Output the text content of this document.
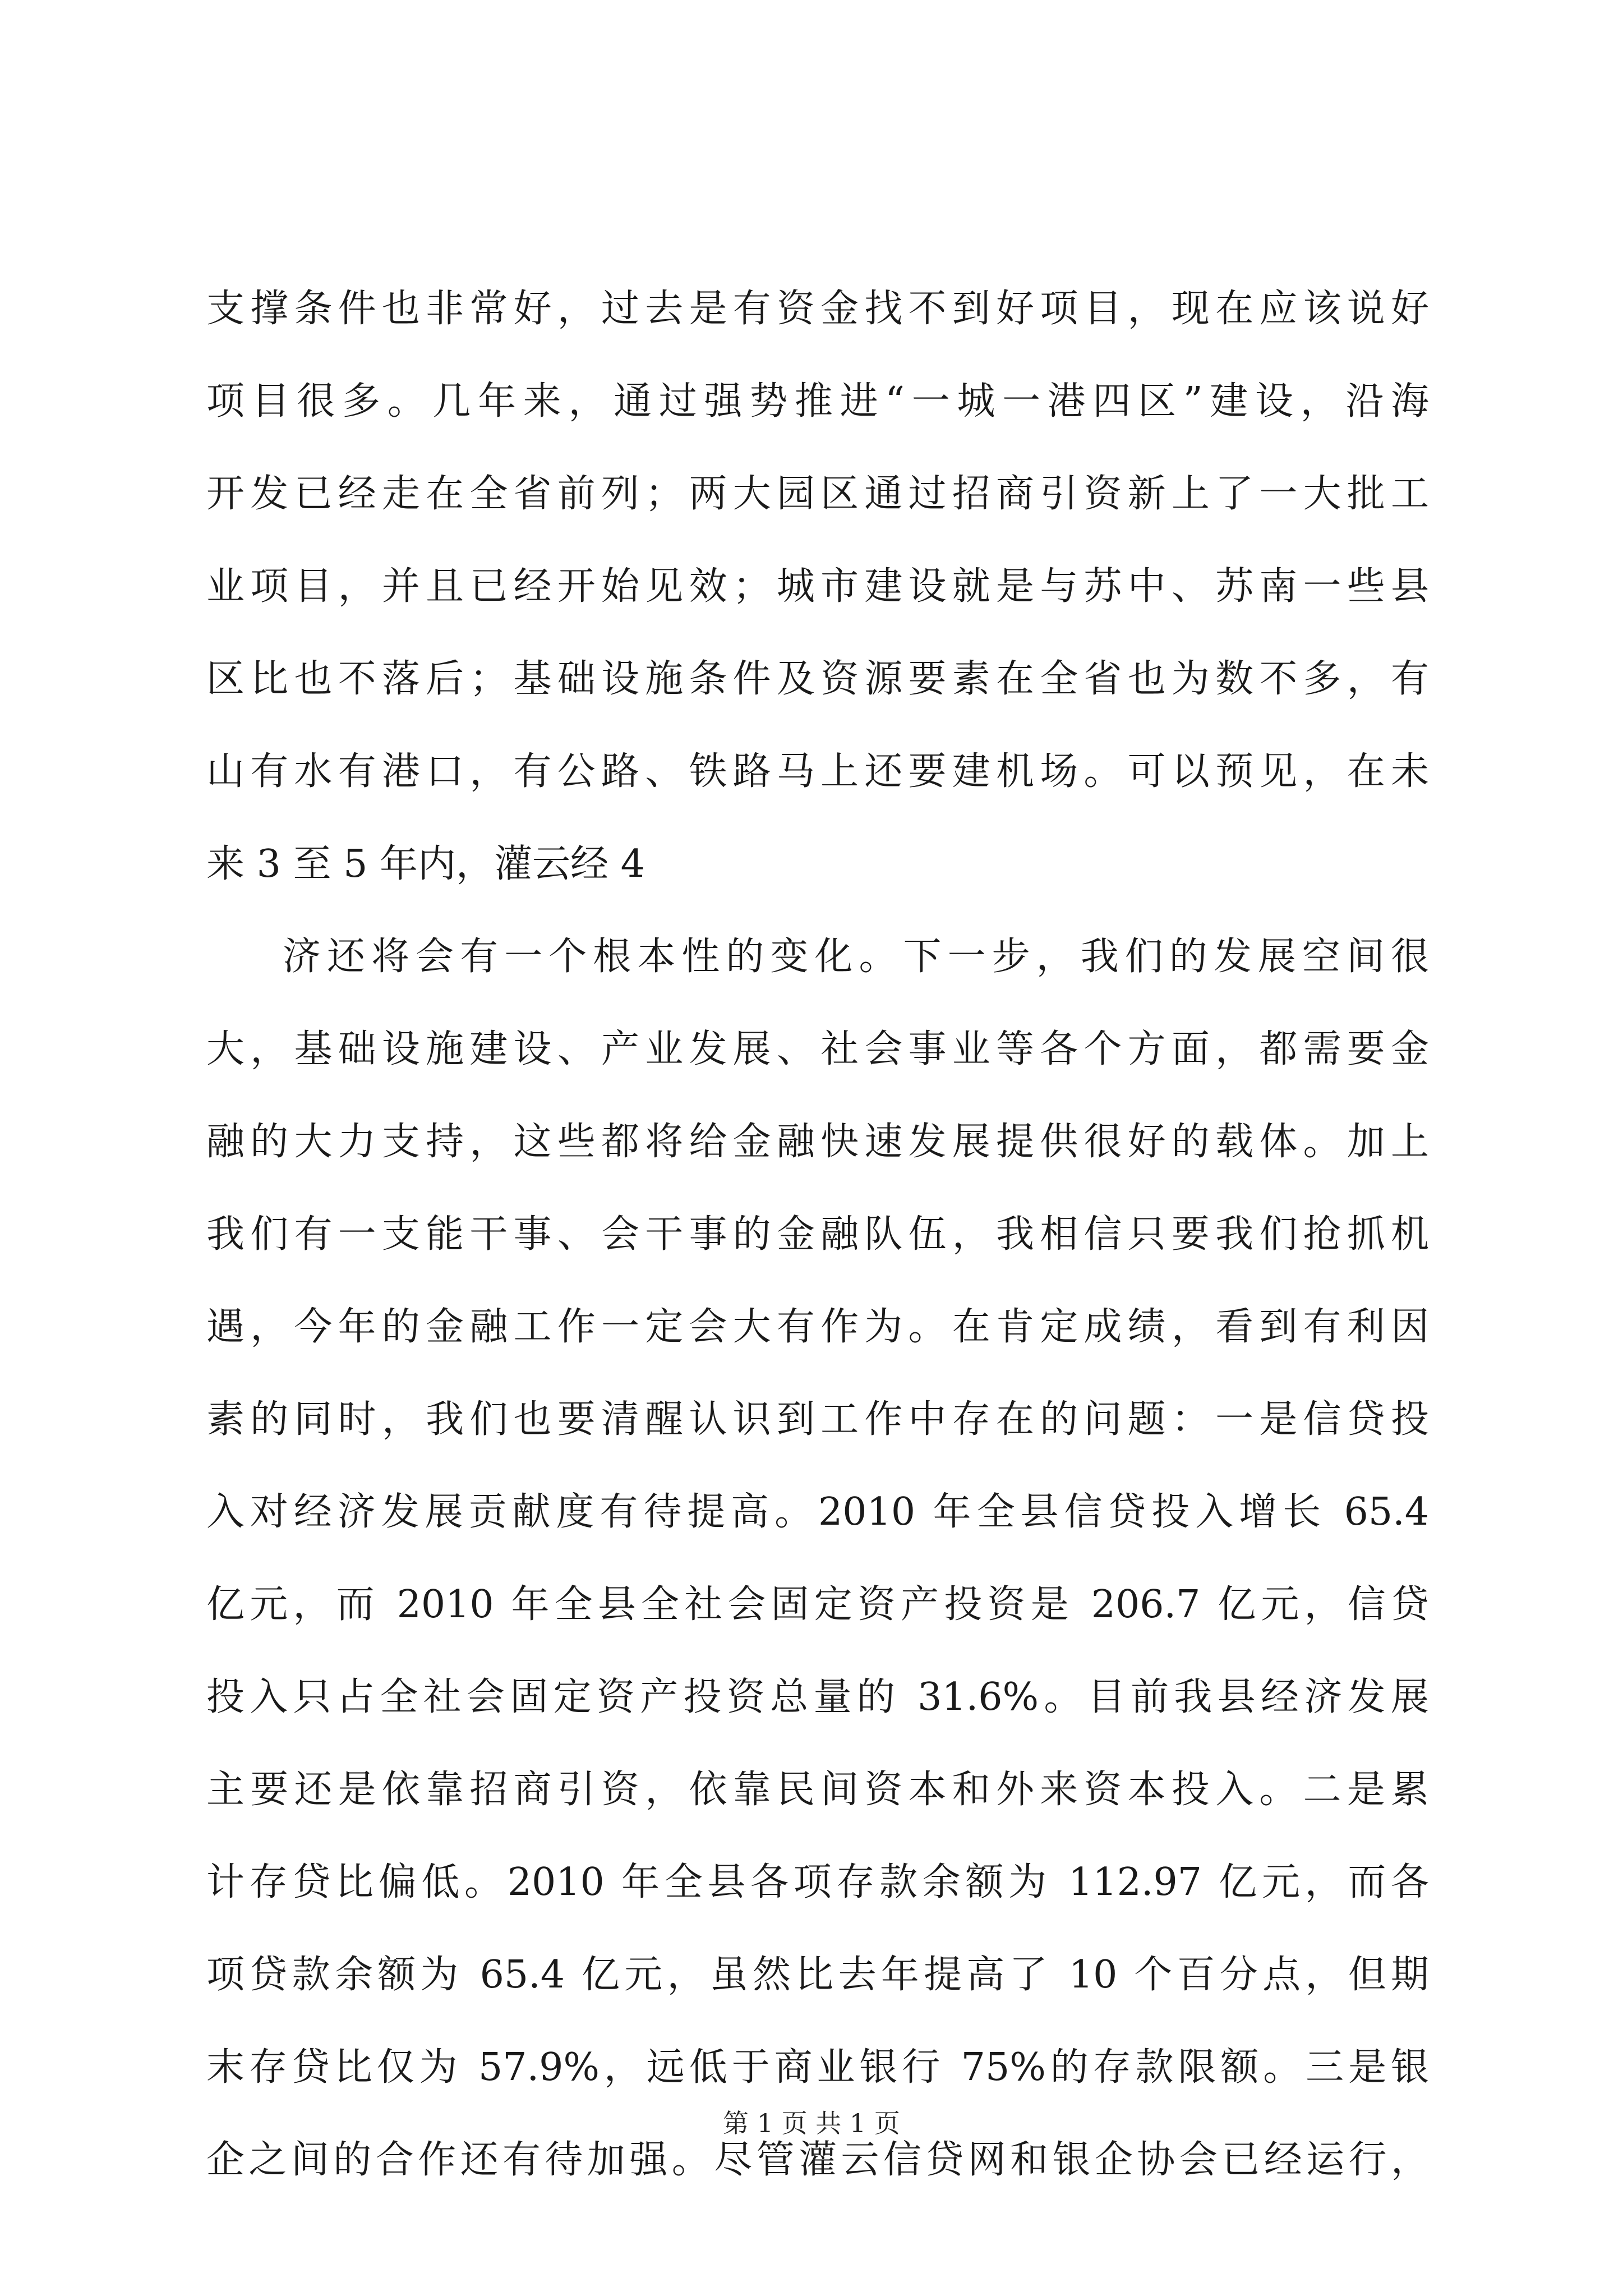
支撑条件也非常好，过去是有资金找不到好项目，现在应该说好
项目很多。几年来，通过强势推进“一城一港四区”建设，沿海
开发已经走在全省前列；两大园区通过招商引资新上了一大批工
业项目，并且已经开始见效；城市建设就是与苏中、苏南一些县
区比也不落后；基础设施条件及资源要素在全省也为数不多，有
山有水有港口，有公路、铁路马上还要建机场。可以预见，在未
来 3 至 5 年内，灌云经 4
济还将会有一个根本性的变化。下一步，我们的发展空间很
大，基础设施建设、产业发展、社会事业等各个方面，都需要金
融的大力支持，这些都将给金融快速发展提供很好的载体。加上
我们有一支能干事、会干事的金融队伍，我相信只要我们抢抓机
遇，今年的金融工作一定会大有作为。在肯定成绩，看到有利因
素的同时，我们也要清醒认识到工作中存在的问题：一是信贷投
入对经济发展贡献度有待提高。2010 年全县信贷投入增长 65.4
亿元，而 2010 年全县全社会固定资产投资是 206.7 亿元，信贷
投入只占全社会固定资产投资总量的 31.6%。目前我县经济发展
主要还是依靠招商引资，依靠民间资本和外来资本投入。二是累
计存贷比偏低。2010 年全县各项存款余额为 112.97 亿元，而各
项贷款余额为 65.4 亿元，虽然比去年提高了 10 个百分点，但期
末存贷比仅为 57.9%，远低于商业银行 75%的存款限额。三是银
企之间的合作还有待加强。尽管灌云信贷网和银企协会已经运行，
第 1 页 共 1 页
